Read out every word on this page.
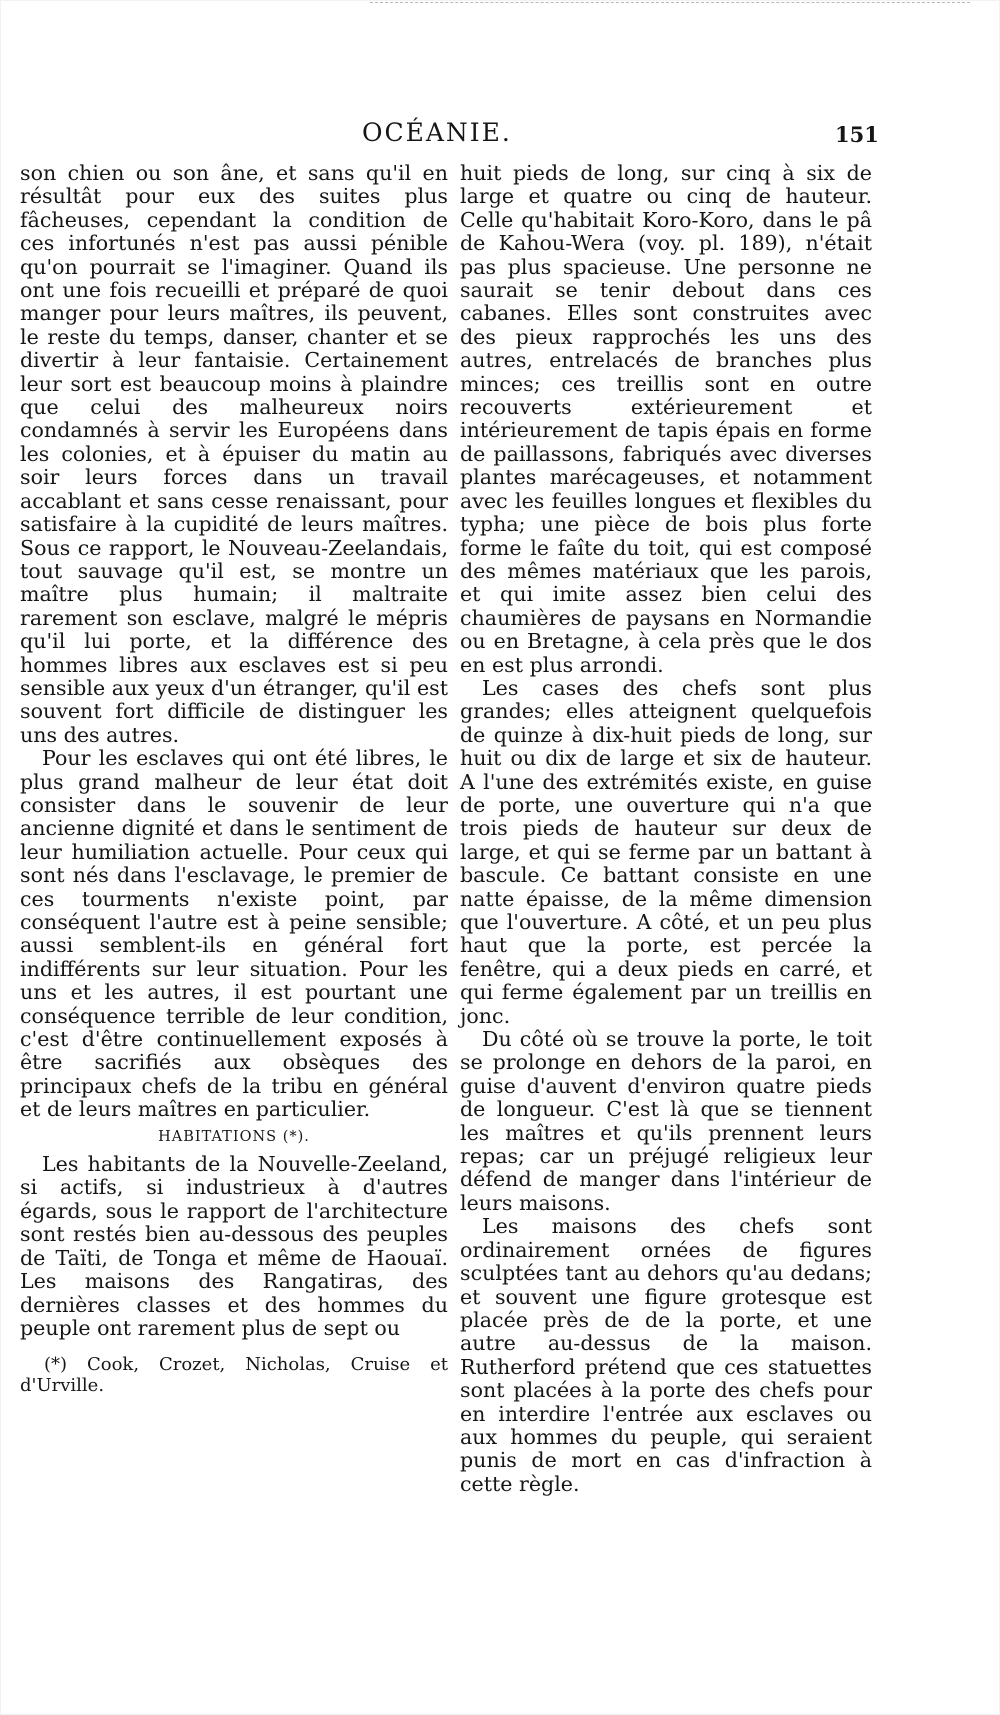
OCÉANIE.	151

son chien ou son âne, et sans qu'il en résultât pour eux des suites plus fâcheuses, cependant la condition de ces infortunés n'est pas aussi pénible qu'on pourrait se l'imaginer. Quand ils ont une fois recueilli et préparé de quoi manger pour leurs maîtres, ils peuvent, le reste du temps, danser, chanter et se divertir à leur fantaisie. Certainement leur sort est beaucoup moins à plaindre que celui des malheureux noirs condamnés à servir les Européens dans les colonies, et à épuiser du matin au soir leurs forces dans un travail accablant et sans cesse renaissant, pour satisfaire à la cupidité de leurs maîtres. Sous ce rapport, le Nouveau-Zeelandais, tout sauvage qu'il est, se montre un maître plus humain; il maltraite rarement son esclave, malgré le mépris qu'il lui porte, et la différence des hommes libres aux esclaves est si peu sensible aux yeux d'un étranger, qu'il est souvent fort difficile de distinguer les uns des autres.

Pour les esclaves qui ont été libres, le plus grand malheur de leur état doit consister dans le souvenir de leur ancienne dignité et dans le sentiment de leur humiliation actuelle. Pour ceux qui sont nés dans l'esclavage, le premier de ces tourments n'existe point, par conséquent l'autre est à peine sensible; aussi semblent-ils en général fort indifférents sur leur situation. Pour les uns et les autres, il est pourtant une conséquence terrible de leur condition, c'est d'être continuellement exposés à être sacrifiés aux obsèques des principaux chefs de la tribu en général et de leurs maîtres en particulier.

HABITATIONS (*).

Les habitants de la Nouvelle-Zeeland, si actifs, si industrieux à d'autres égards, sous le rapport de l'architecture sont restés bien au-dessous des peuples de Taïti, de Tonga et même de Haouaï. Les maisons des Rangatiras, des dernières classes et des hommes du peuple ont rarement plus de sept ou

(*) Cook, Crozet, Nicholas, Cruise et d'Urville.

huit pieds de long, sur cinq à six de large et quatre ou cinq de hauteur. Celle qu'habitait Koro-Koro, dans le pâ de Kahou-Wera (voy. pl. 189), n'était pas plus spacieuse. Une personne ne saurait se tenir debout dans ces cabanes. Elles sont construites avec des pieux rapprochés les uns des autres, entrelacés de branches plus minces; ces treillis sont en outre recouverts extérieurement et intérieurement de tapis épais en forme de paillassons, fabriqués avec diverses plantes marécageuses, et notamment avec les feuilles longues et flexibles du typha; une pièce de bois plus forte forme le faîte du toit, qui est composé des mêmes matériaux que les parois, et qui imite assez bien celui des chaumières de paysans en Normandie ou en Bretagne, à cela près que le dos en est plus arrondi.

Les cases des chefs sont plus grandes; elles atteignent quelquefois de quinze à dix-huit pieds de long, sur huit ou dix de large et six de hauteur. A l'une des extrémités existe, en guise de porte, une ouverture qui n'a que trois pieds de hauteur sur deux de large, et qui se ferme par un battant à bascule. Ce battant consiste en une natte épaisse, de la même dimension que l'ouverture. A côté, et un peu plus haut que la porte, est percée la fenêtre, qui a deux pieds en carré, et qui ferme également par un treillis en jonc.

Du côté où se trouve la porte, le toit se prolonge en dehors de la paroi, en guise d'auvent d'environ quatre pieds de longueur. C'est là que se tiennent les maîtres et qu'ils prennent leurs repas; car un préjugé religieux leur défend de manger dans l'intérieur de leurs maisons.

Les maisons des chefs sont ordinairement ornées de figures sculptées tant au dehors qu'au dedans; et souvent une figure grotesque est placée près de de la porte, et une autre au-dessus de la maison. Rutherford prétend que ces statuettes sont placées à la porte des chefs pour en interdire l'entrée aux esclaves ou aux hommes du peuple, qui seraient punis de mort en cas d'infraction à cette règle.
